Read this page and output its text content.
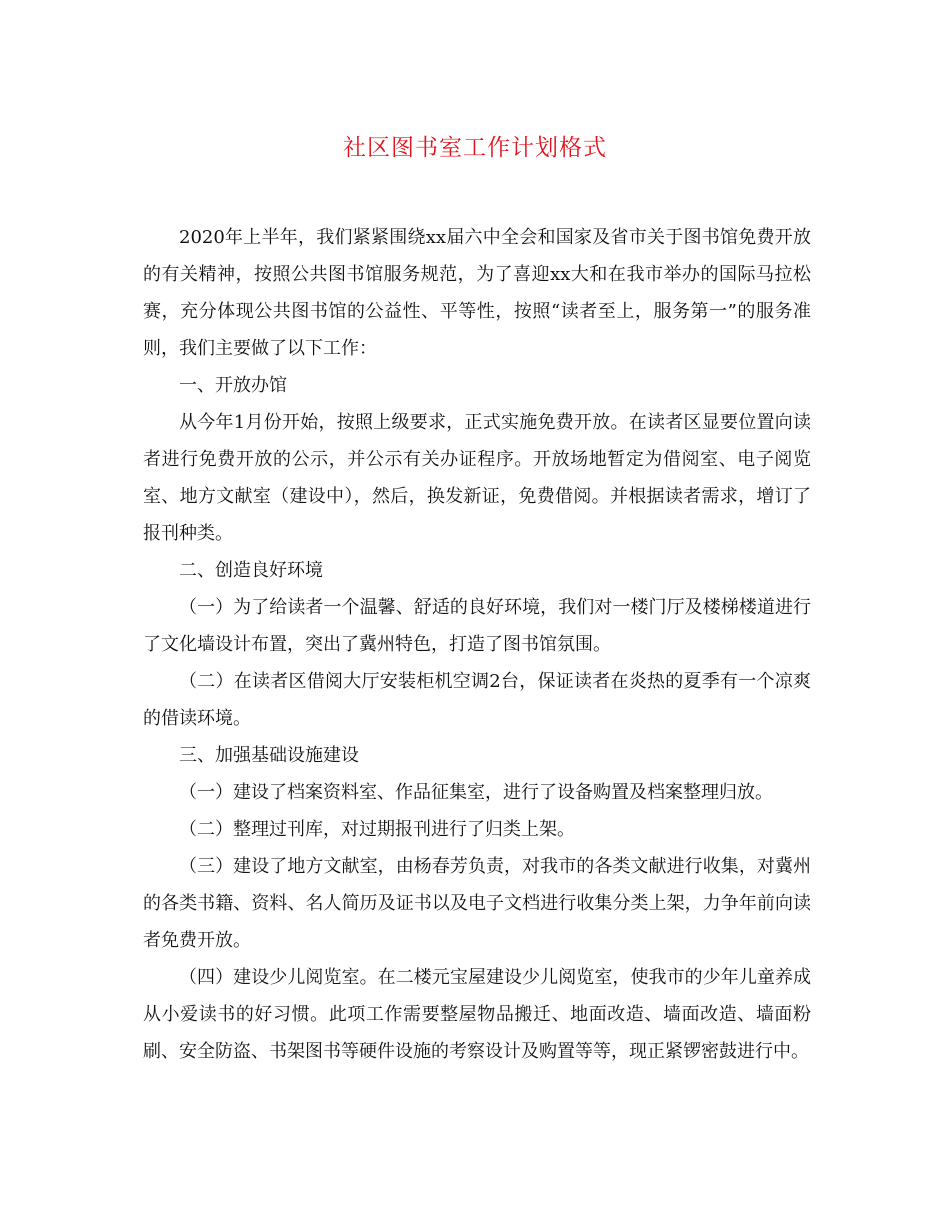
社区图书室工作计划格式

2020年上半年，我们紧紧围绕xx届六中全会和国家及省市关于图书馆免费开放的有关精神，按照公共图书馆服务规范，为了喜迎xx大和在我市举办的国际马拉松赛，充分体现公共图书馆的公益性、平等性，按照“读者至上，服务第一”的服务准则，我们主要做了以下工作：

一、开放办馆

从今年1月份开始，按照上级要求，正式实施免费开放。在读者区显要位置向读者进行免费开放的公示，并公示有关办证程序。开放场地暂定为借阅室、电子阅览室、地方文献室（建设中），然后，换发新证，免费借阅。并根据读者需求，增订了报刊种类。

二、创造良好环境

（一）为了给读者一个温馨、舒适的良好环境，我们对一楼门厅及楼梯楼道进行了文化墙设计布置，突出了冀州特色，打造了图书馆氛围。

（二）在读者区借阅大厅安装柜机空调2台，保证读者在炎热的夏季有一个凉爽的借读环境。

三、加强基础设施建设

（一）建设了档案资料室、作品征集室，进行了设备购置及档案整理归放。

（二）整理过刊库，对过期报刊进行了归类上架。

（三）建设了地方文献室，由杨春芳负责，对我市的各类文献进行收集，对冀州的各类书籍、资料、名人简历及证书以及电子文档进行收集分类上架，力争年前向读者免费开放。

（四）建设少儿阅览室。在二楼元宝屋建设少儿阅览室，使我市的少年儿童养成从小爱读书的好习惯。此项工作需要整屋物品搬迁、地面改造、墙面改造、墙面粉刷、安全防盗、书架图书等硬件设施的考察设计及购置等等，现正紧锣密鼓进行中。
